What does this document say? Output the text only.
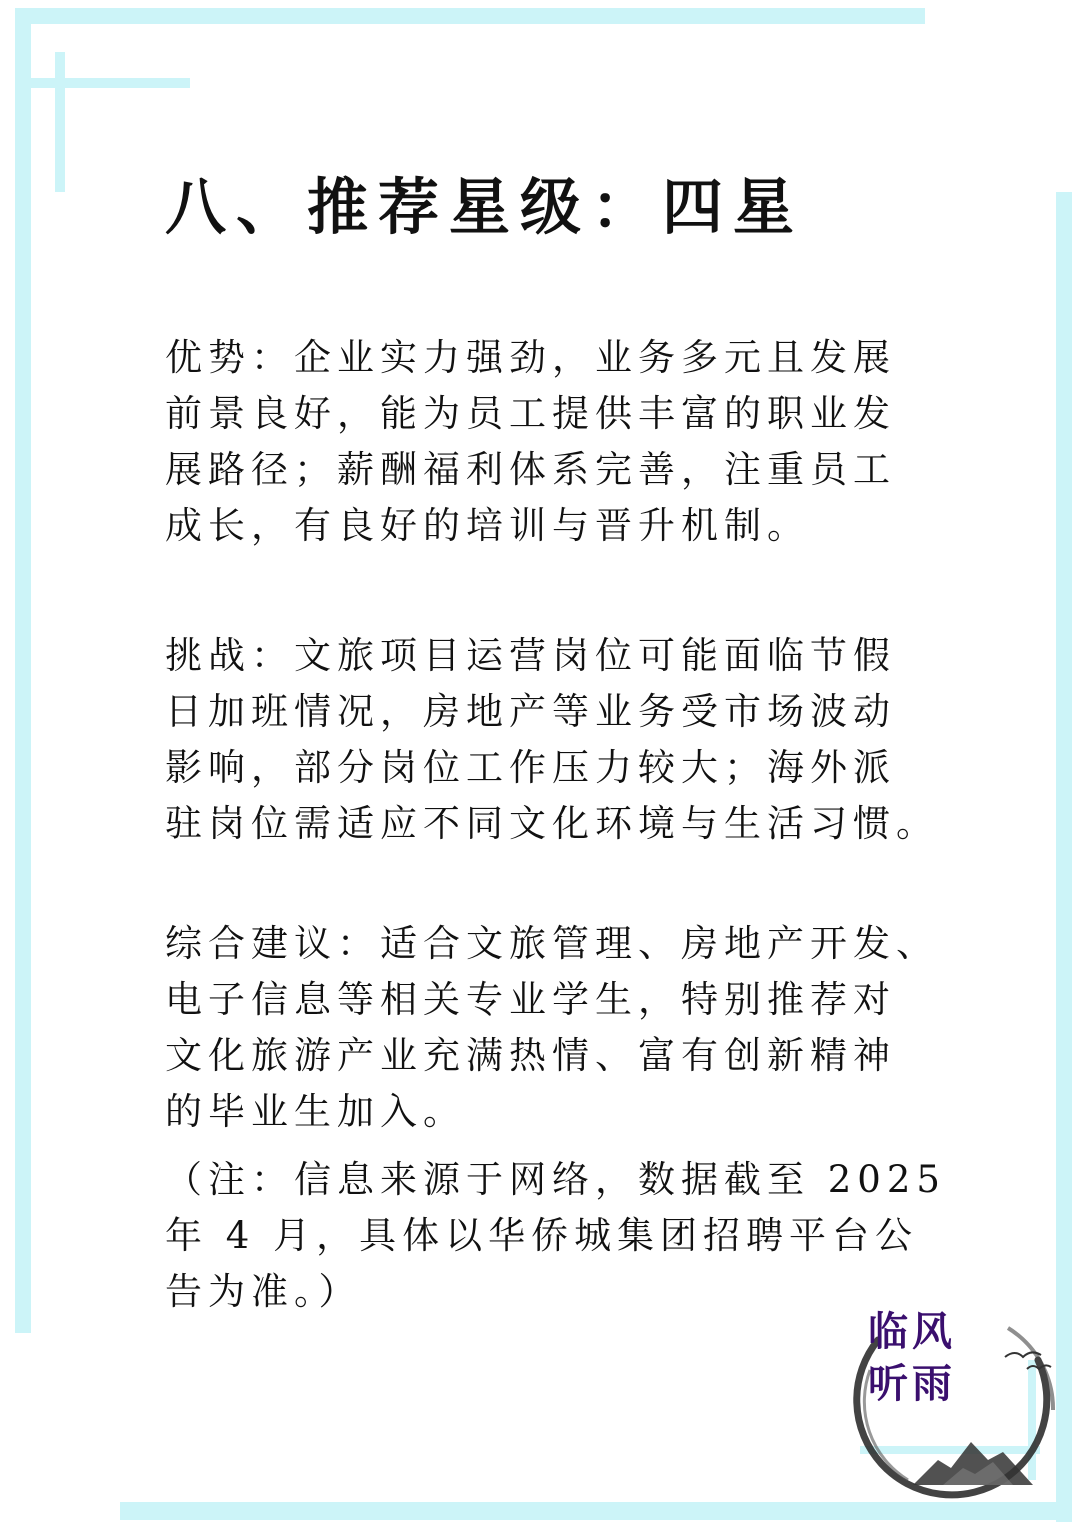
八、推荐星级：四星

优势：企业实力强劲，业务多元且发展
前景良好，能为员工提供丰富的职业发
展路径；薪酬福利体系完善，注重员工
成长，有良好的培训与晋升机制。

挑战：文旅项目运营岗位可能面临节假
日加班情况，房地产等业务受市场波动
影响，部分岗位工作压力较大；海外派
驻岗位需适应不同文化环境与生活习惯。

综合建议：适合文旅管理、房地产开发、
电子信息等相关专业学生，特别推荐对
文化旅游产业充满热情、富有创新精神
的毕业生加入。

（注：信息来源于网络，数据截至 2025
年 4 月，具体以华侨城集团招聘平台公
告为准。）

临风
听雨
